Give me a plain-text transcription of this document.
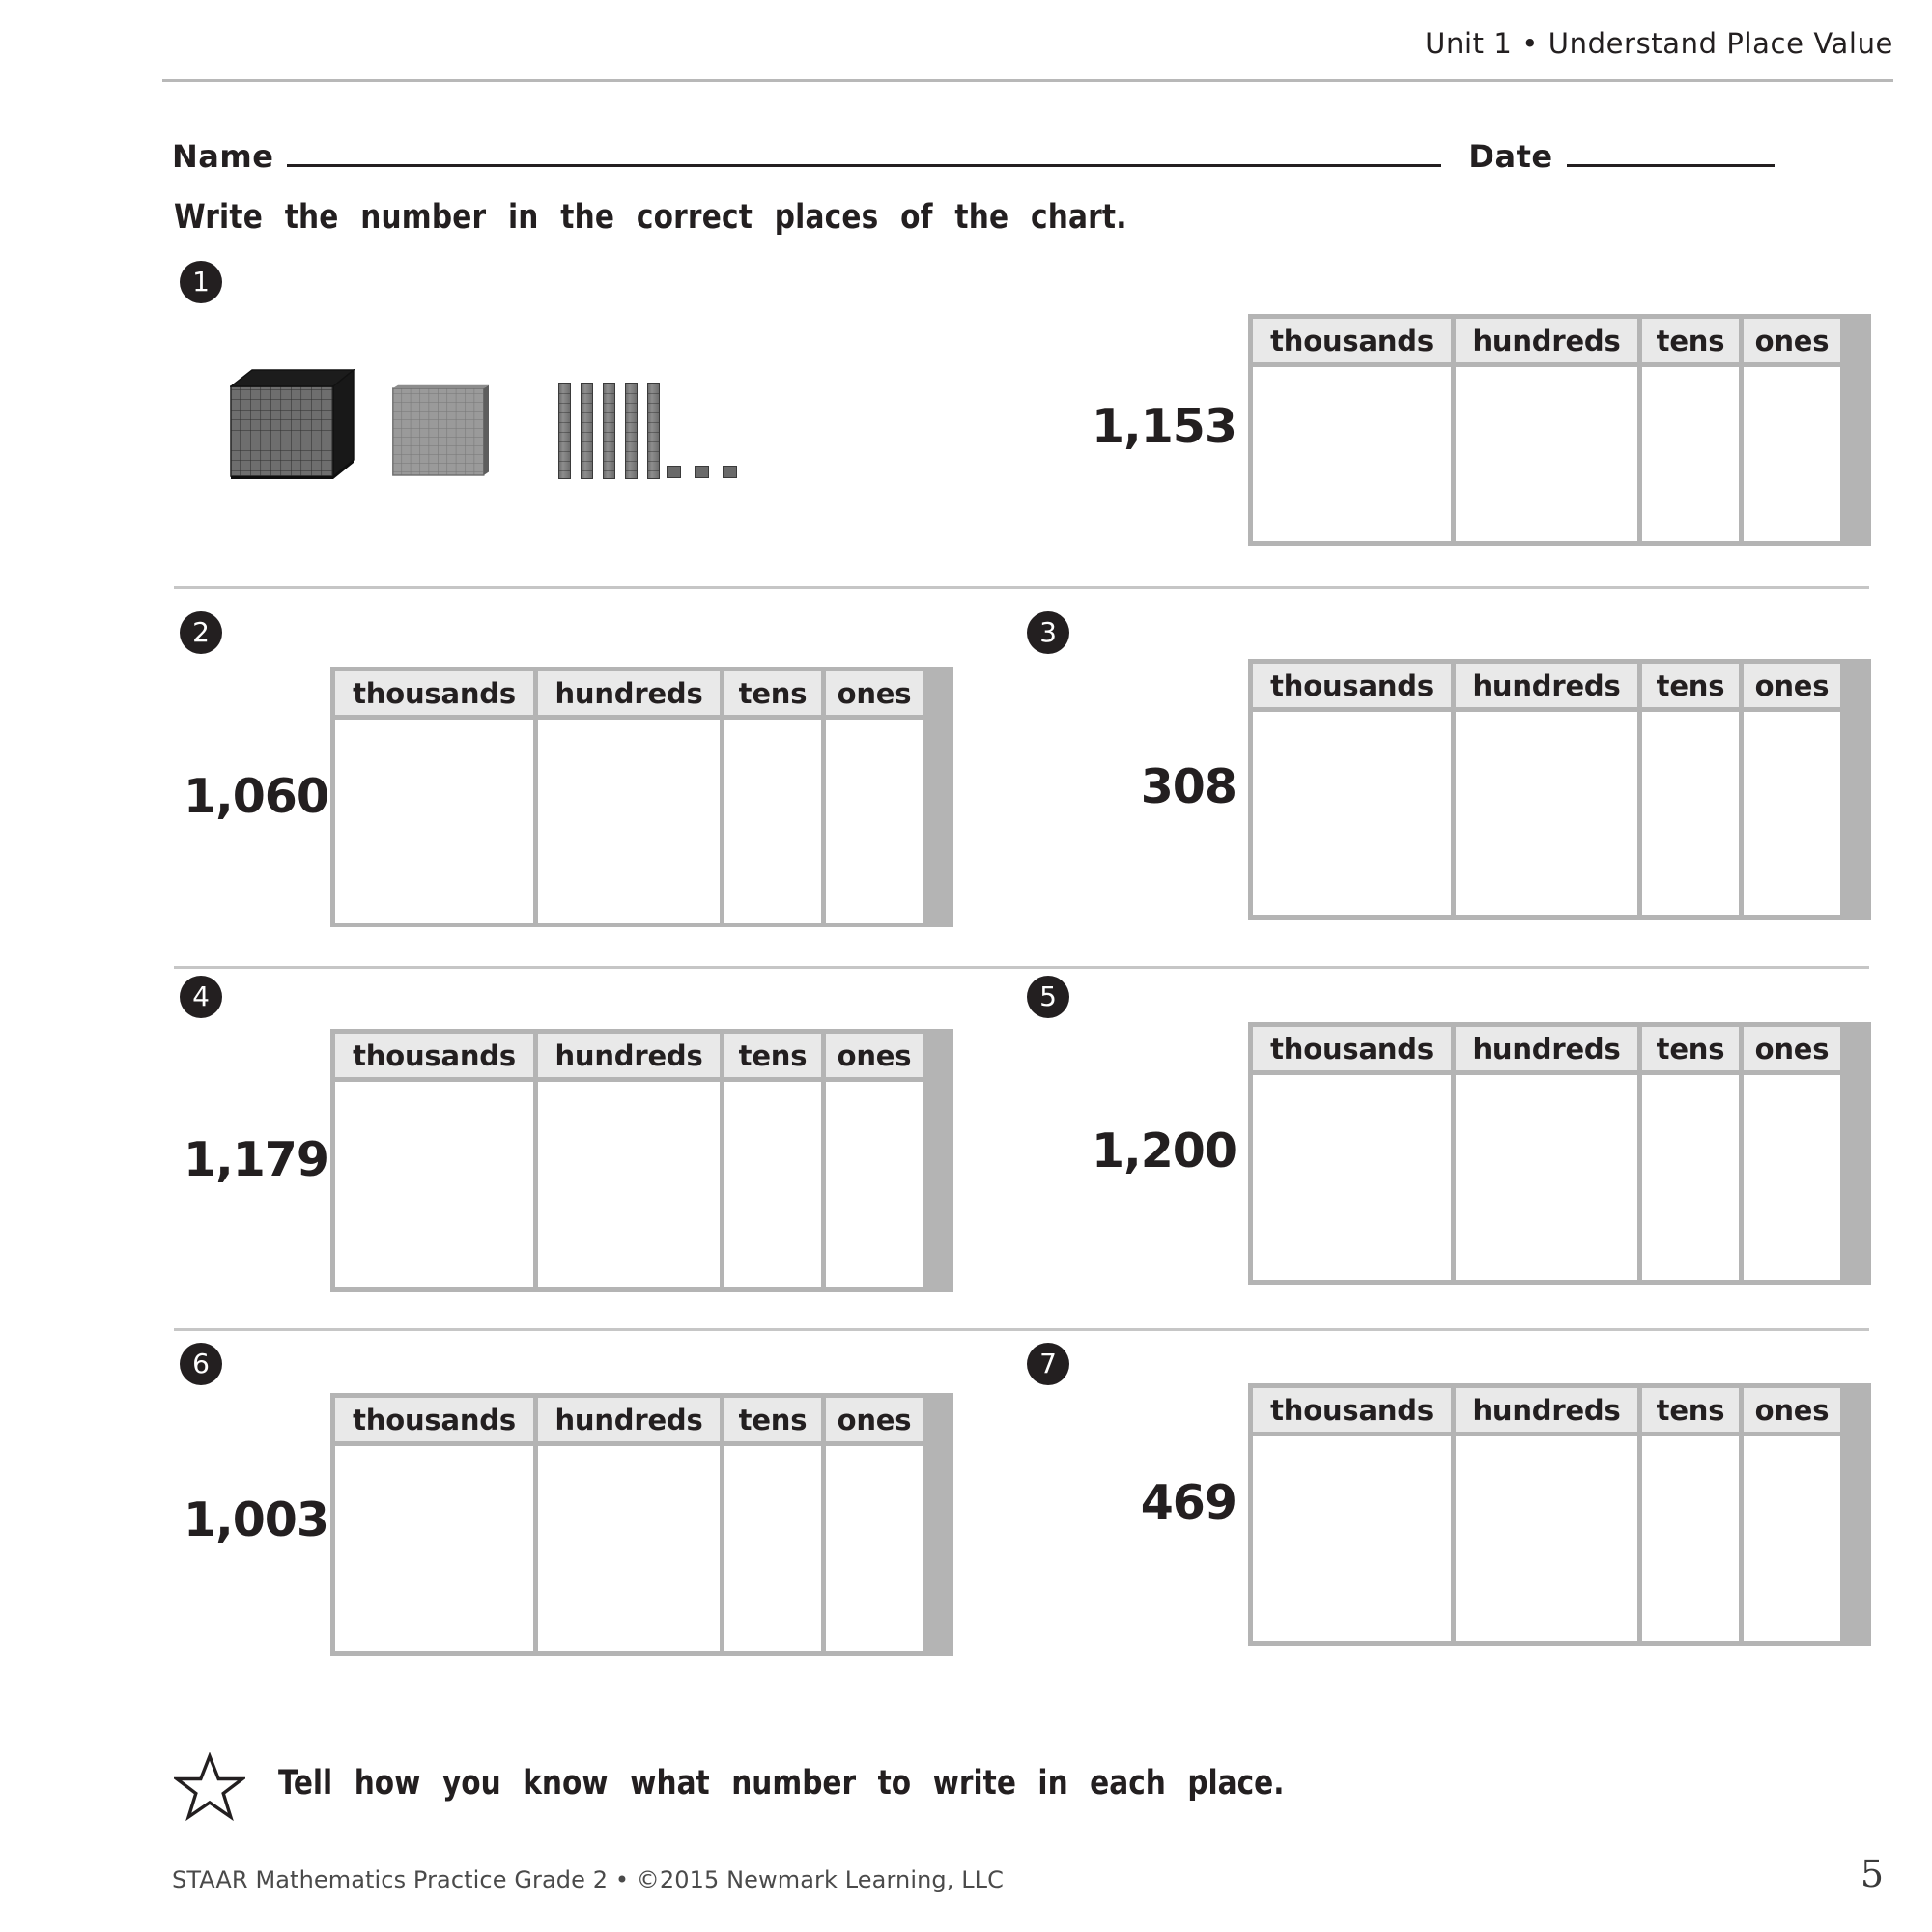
Unit 1 • Understand Place Value
Name	Date
Write the number in the correct places of the chart.
1
1,153
thousands	hundreds	tens	ones
2
1,060
thousands	hundreds	tens	ones
3
308
thousands	hundreds	tens	ones
4
1,179
thousands	hundreds	tens	ones
5
1,200
thousands	hundreds	tens	ones
6
1,003
thousands	hundreds	tens	ones
7
469
thousands	hundreds	tens	ones
Tell how you know what number to write in each place.
STAAR Mathematics Practice Grade 2 • ©2015 Newmark Learning, LLC	5
